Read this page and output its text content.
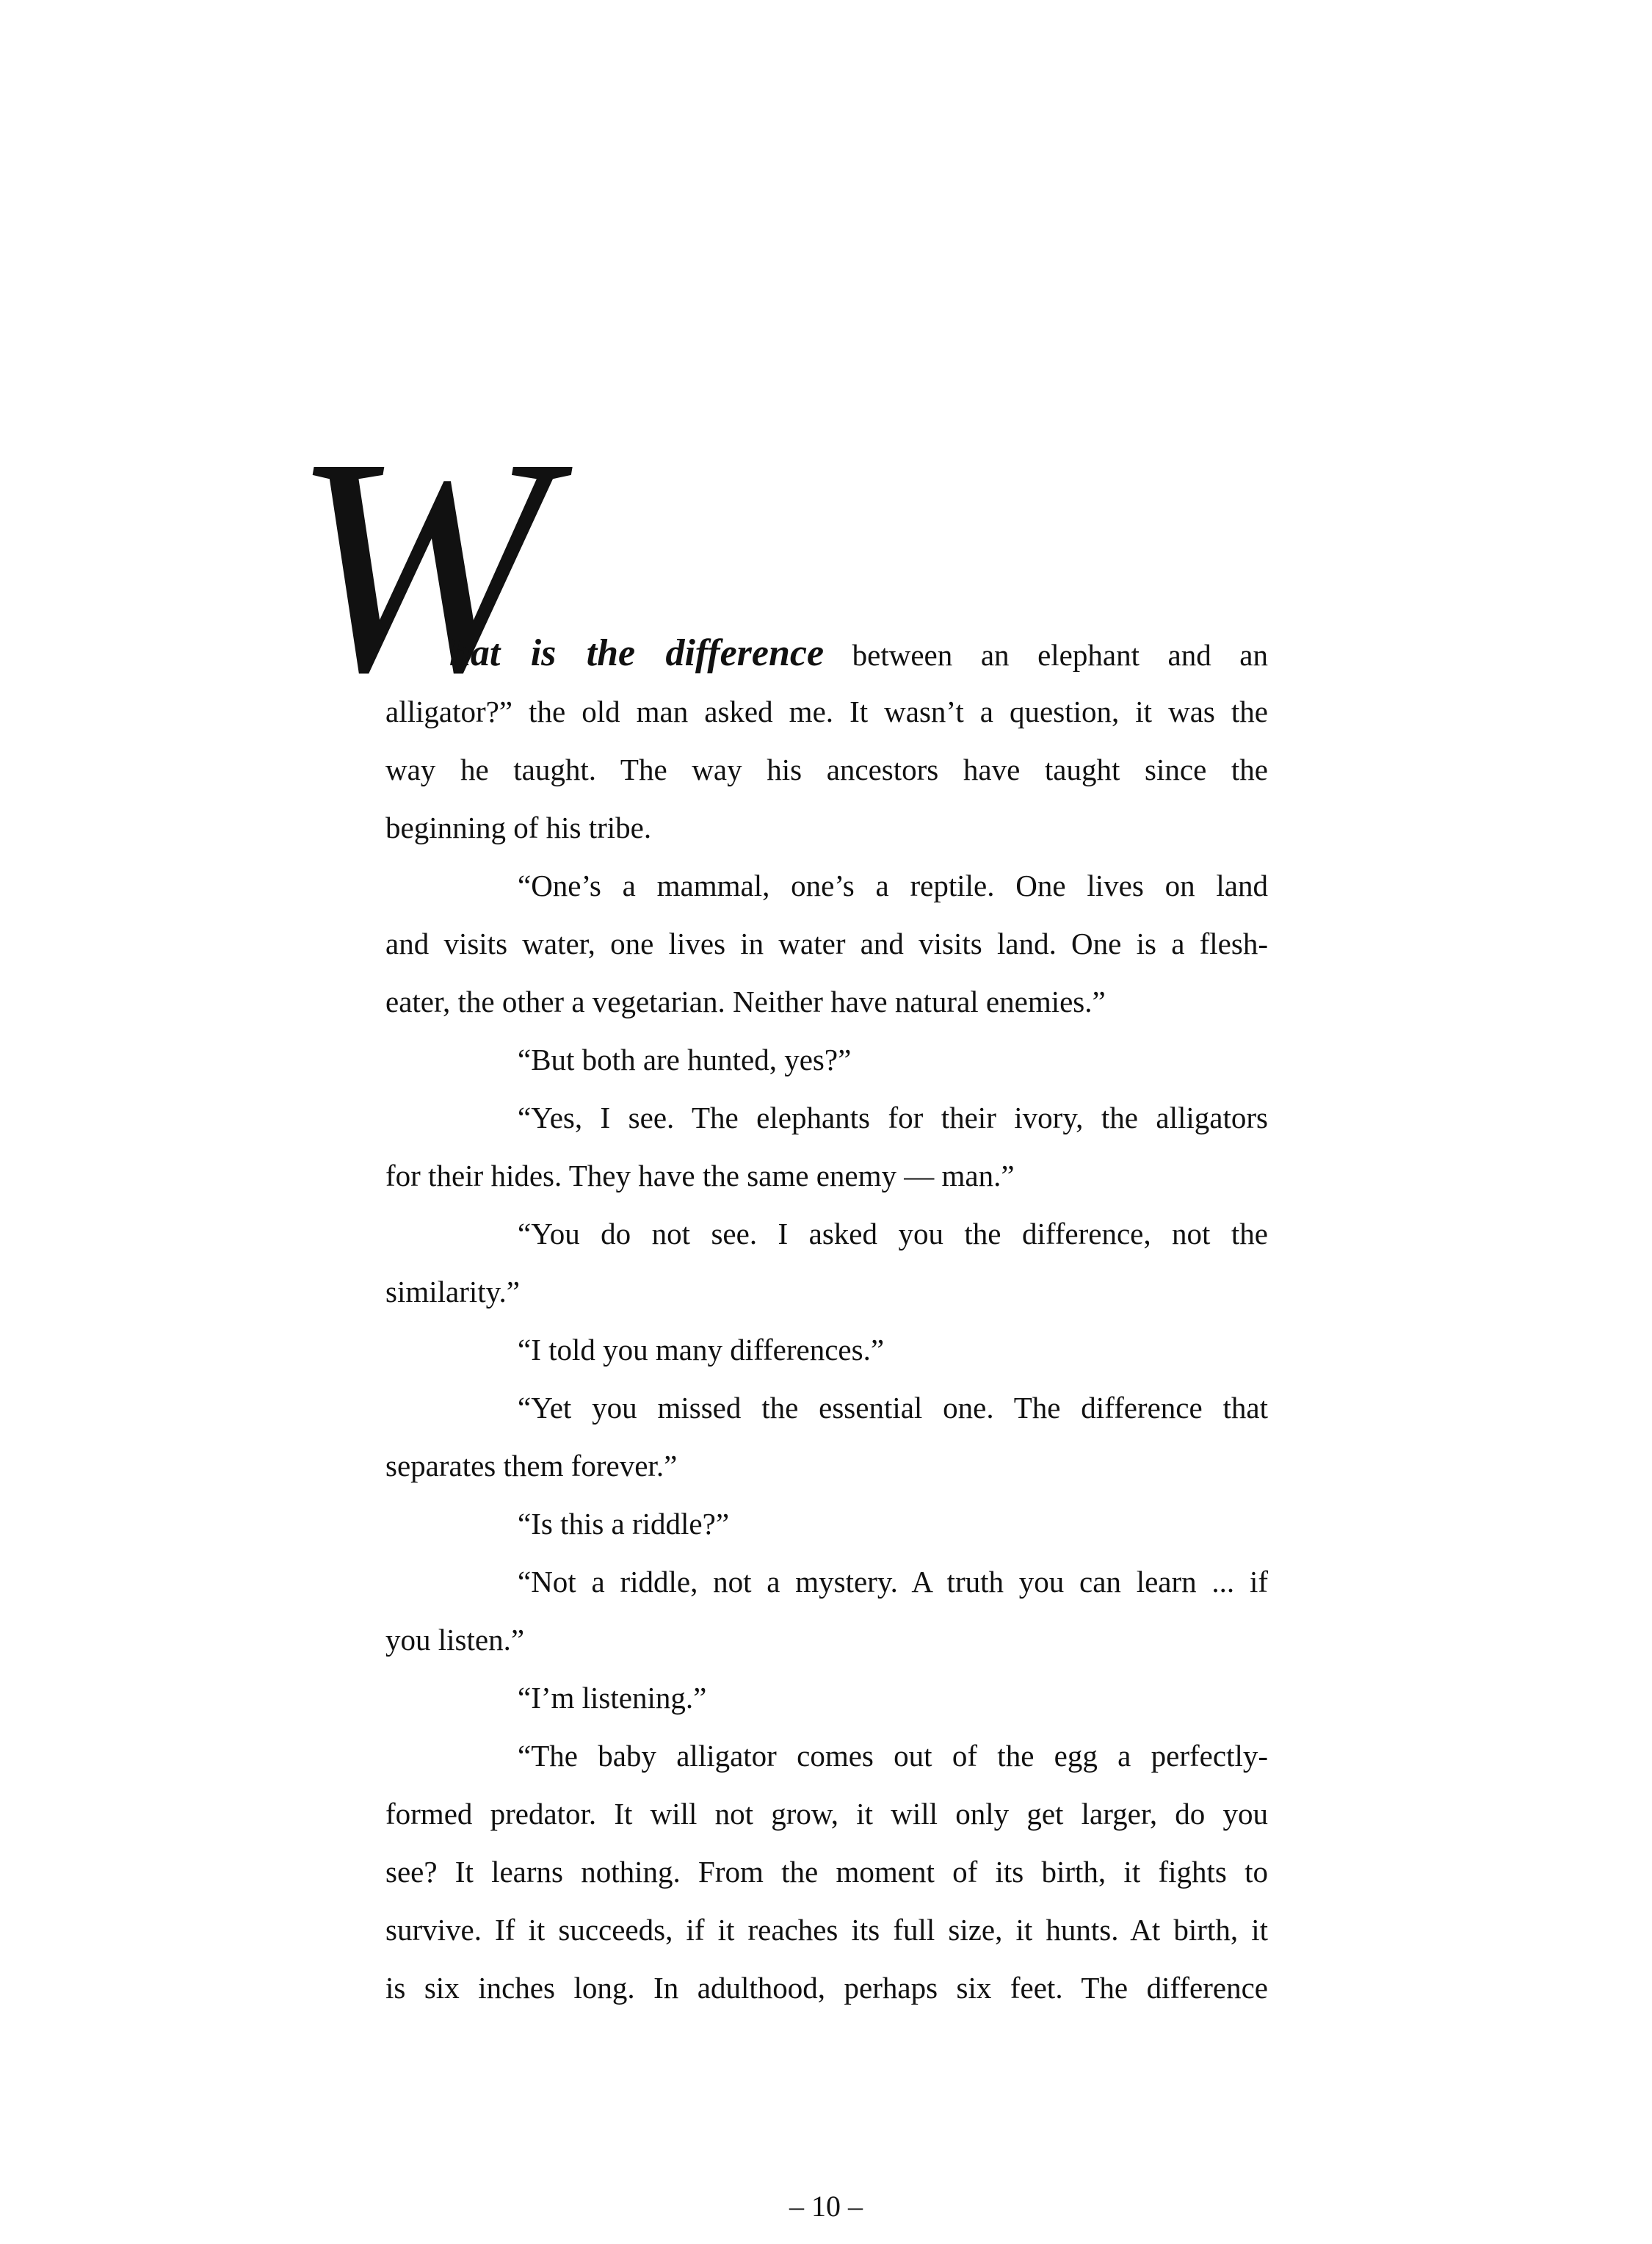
W
hat is the difference between an elephant and an
alligator?” the old man asked me. It wasn’t a question, it was the
way he taught. The way his ancestors have taught since the
beginning of his tribe.
“One’s a mammal, one’s a reptile. One lives on land
and visits water, one lives in water and visits land. One is a flesh-
eater, the other a vegetarian. Neither have natural enemies.”
“But both are hunted, yes?”
“Yes, I see. The elephants for their ivory, the alligators
for their hides. They have the same enemy — man.”
“You do not see. I asked you the difference, not the
similarity.”
“I told you many differences.”
“Yet you missed the essential one. The difference that
separates them forever.”
“Is this a riddle?”
“Not a riddle, not a mystery. A truth you can learn ... if
you listen.”
“I’m listening.”
“The baby alligator comes out of the egg a perfectly-
formed predator. It will not grow, it will only get larger, do you
see? It learns nothing. From the moment of its birth, it fights to
survive. If it succeeds, if it reaches its full size, it hunts. At birth, it
is six inches long. In adulthood, perhaps six feet. The difference
– 10 –
